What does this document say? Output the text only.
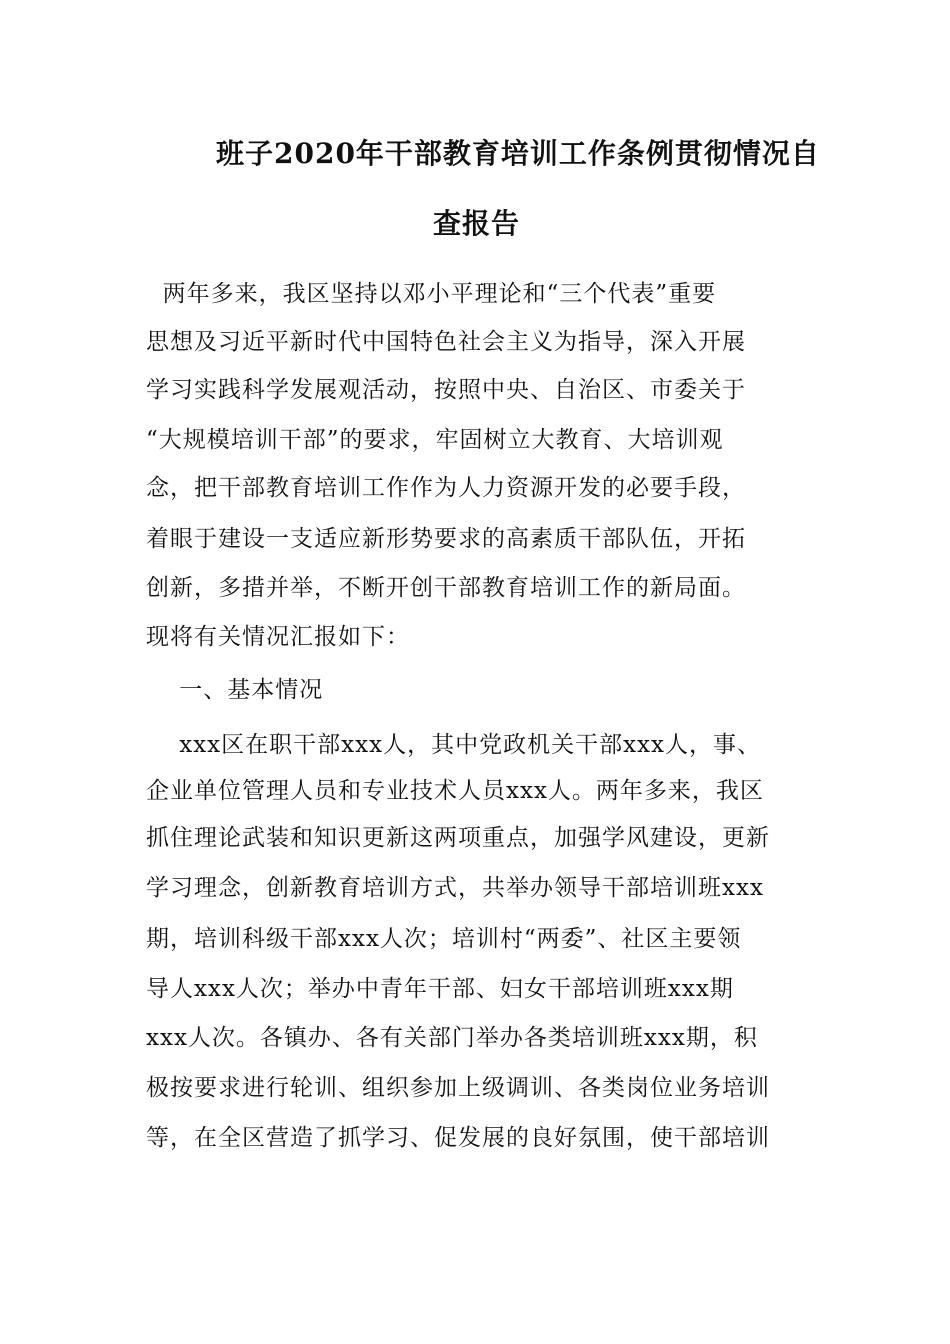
班子2020年干部教育培训工作条例贯彻情况自
查报告
两年多来，我区坚持以邓小平理论和“三个代表”重要
思想及习近平新时代中国特色社会主义为指导，深入开展
学习实践科学发展观活动，按照中央、自治区、市委关于
“大规模培训干部”的要求，牢固树立大教育、大培训观
念，把干部教育培训工作作为人力资源开发的必要手段，
着眼于建设一支适应新形势要求的高素质干部队伍，开拓
创新，多措并举，不断开创干部教育培训工作的新局面。
现将有关情况汇报如下：
一、基本情况
xxx区在职干部xxx人，其中党政机关干部xxx人，事、
企业单位管理人员和专业技术人员xxx人。两年多来，我区
抓住理论武装和知识更新这两项重点，加强学风建设，更新
学习理念，创新教育培训方式，共举办领导干部培训班xxx
期，培训科级干部xxx人次；培训村“两委”、社区主要领
导人xxx人次；举办中青年干部、妇女干部培训班xxx期
xxx人次。各镇办、各有关部门举办各类培训班xxx期，积
极按要求进行轮训、组织参加上级调训、各类岗位业务培训
等，在全区营造了抓学习、促发展的良好氛围，使干部培训
